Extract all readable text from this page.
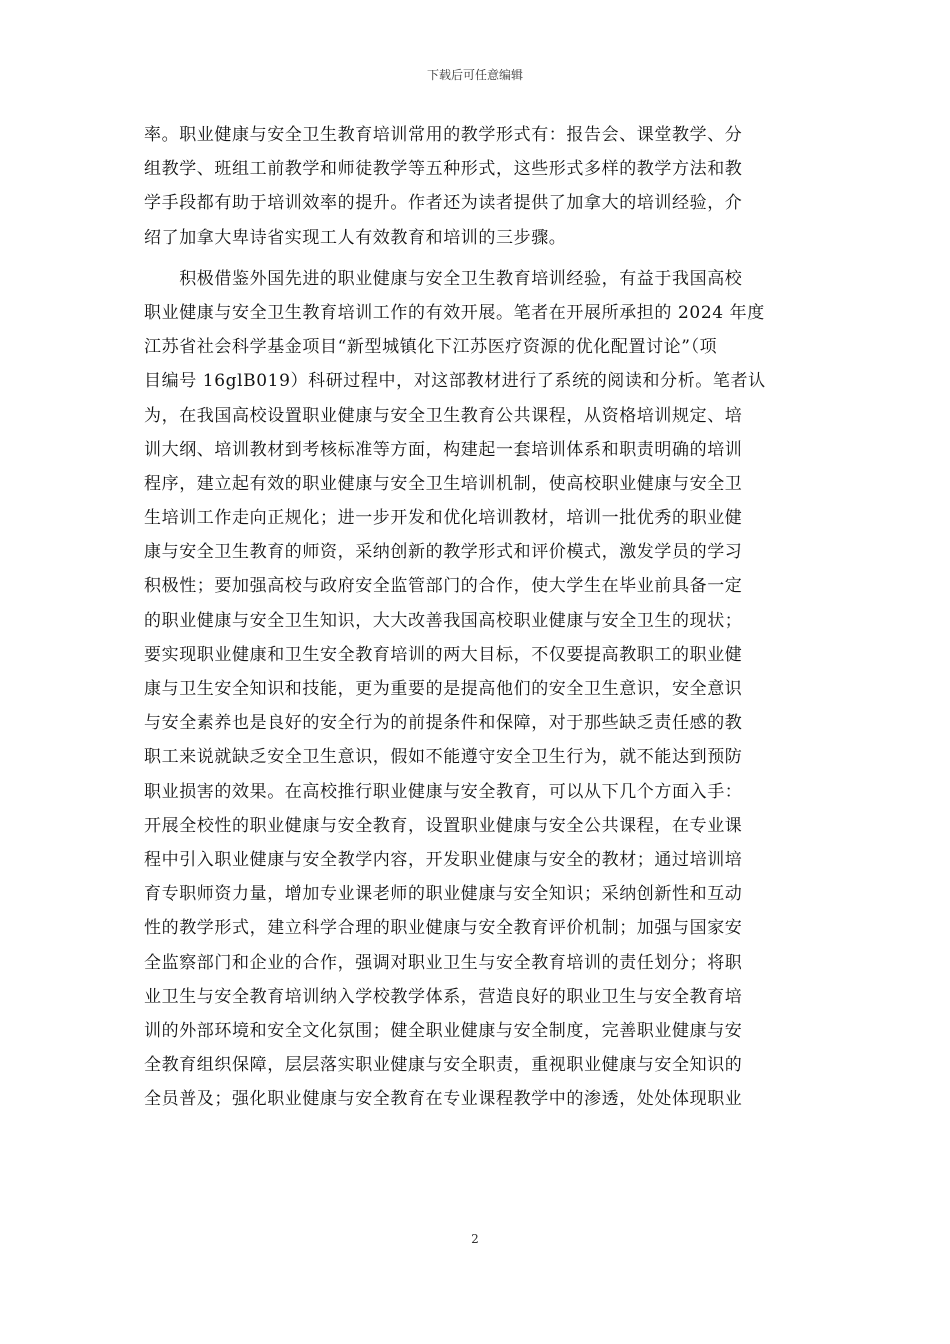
下载后可任意编辑
率。职业健康与安全卫生教育培训常用的教学形式有：报告会、课堂教学、分
组教学、班组工前教学和师徒教学等五种形式，这些形式多样的教学方法和教
学手段都有助于培训效率的提升。作者还为读者提供了加拿大的培训经验，介
绍了加拿大卑诗省实现工人有效教育和培训的三步骤。
　　积极借鉴外国先进的职业健康与安全卫生教育培训经验，有益于我国高校
职业健康与安全卫生教育培训工作的有效开展。笔者在开展所承担的 2024 年度
江苏省社会科学基金项目“新型城镇化下江苏医疗资源的优化配置讨论”（项
目编号 16glB019）科研过程中，对这部教材进行了系统的阅读和分析。笔者认
为，在我国高校设置职业健康与安全卫生教育公共课程，从资格培训规定、培
训大纲、培训教材到考核标准等方面，构建起一套培训体系和职责明确的培训
程序，建立起有效的职业健康与安全卫生培训机制，使高校职业健康与安全卫
生培训工作走向正规化；进一步开发和优化培训教材，培训一批优秀的职业健
康与安全卫生教育的师资，采纳创新的教学形式和评价模式，激发学员的学习
积极性；要加强高校与政府安全监管部门的合作，使大学生在毕业前具备一定
的职业健康与安全卫生知识，大大改善我国高校职业健康与安全卫生的现状；
要实现职业健康和卫生安全教育培训的两大目标，不仅要提高教职工的职业健
康与卫生安全知识和技能，更为重要的是提高他们的安全卫生意识，安全意识
与安全素养也是良好的安全行为的前提条件和保障，对于那些缺乏责任感的教
职工来说就缺乏安全卫生意识，假如不能遵守安全卫生行为，就不能达到预防
职业损害的效果。在高校推行职业健康与安全教育，可以从下几个方面入手：
开展全校性的职业健康与安全教育，设置职业健康与安全公共课程，在专业课
程中引入职业健康与安全教学内容，开发职业健康与安全的教材；通过培训培
育专职师资力量，增加专业课老师的职业健康与安全知识；采纳创新性和互动
性的教学形式，建立科学合理的职业健康与安全教育评价机制；加强与国家安
全监察部门和企业的合作，强调对职业卫生与安全教育培训的责任划分；将职
业卫生与安全教育培训纳入学校教学体系，营造良好的职业卫生与安全教育培
训的外部环境和安全文化氛围；健全职业健康与安全制度，完善职业健康与安
全教育组织保障，层层落实职业健康与安全职责，重视职业健康与安全知识的
全员普及；强化职业健康与安全教育在专业课程教学中的渗透，处处体现职业
2
